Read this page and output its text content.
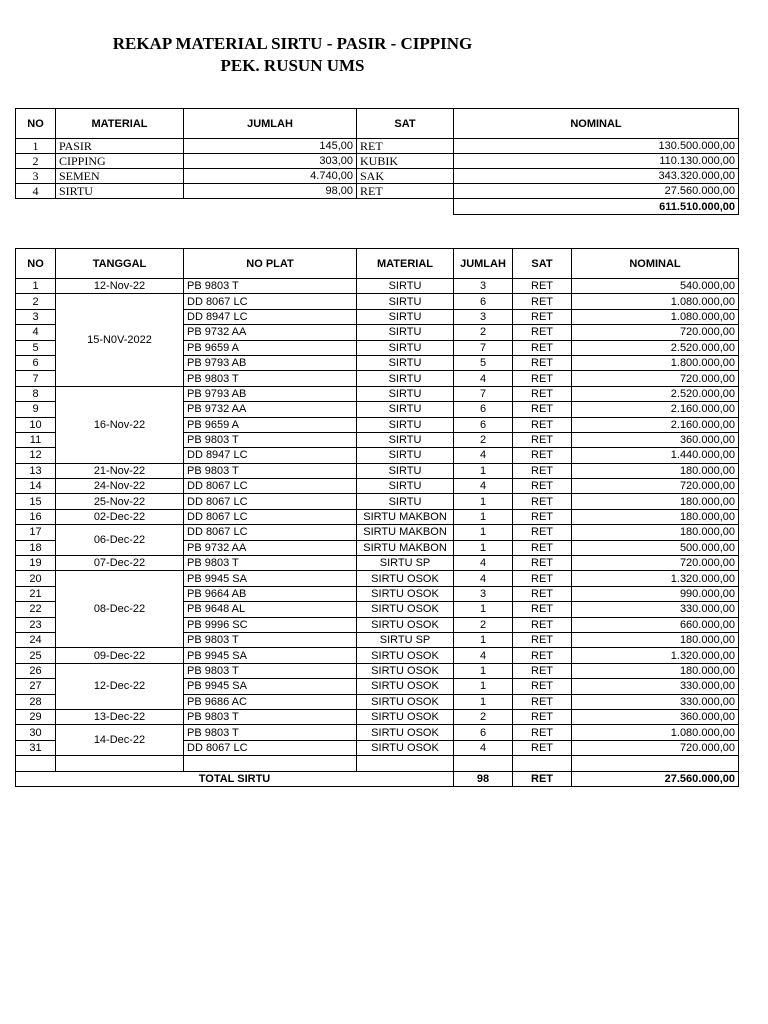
REKAP MATERIAL SIRTU - PASIR - CIPPING
PEK. RUSUN UMS
NO	MATERIAL	JUMLAH	SAT	NOMINAL
1	PASIR	145,00	RET	130.500.000,00
2	CIPPING	303,00	KUBIK	110.130.000,00
3	SEMEN	4.740,00	SAK	343.320.000,00
4	SIRTU	98,00	RET	27.560.000,00
				611.510.000,00
NO	TANGGAL	NO PLAT	MATERIAL	JUMLAH	SAT	NOMINAL
1	12-Nov-22	PB 9803 T	SIRTU	3	RET	540.000,00
2	15-N0V-2022	DD 8067 LC	SIRTU	6	RET	1.080.000,00
3		DD 8947 LC	SIRTU	3	RET	1.080.000,00
4		PB 9732 AA	SIRTU	2	RET	720.000,00
5		PB 9659 A	SIRTU	7	RET	2.520.000,00
6		PB 9793 AB	SIRTU	5	RET	1.800.000,00
7		PB 9803 T	SIRTU	4	RET	720.000,00
8	16-Nov-22	PB 9793 AB	SIRTU	7	RET	2.520.000,00
9		PB 9732 AA	SIRTU	6	RET	2.160.000,00
10		PB 9659 A	SIRTU	6	RET	2.160.000,00
11		PB 9803 T	SIRTU	2	RET	360.000,00
12		DD 8947 LC	SIRTU	4	RET	1.440.000,00
13	21-Nov-22	PB 9803 T	SIRTU	1	RET	180.000,00
14	24-Nov-22	DD 8067 LC	SIRTU	4	RET	720.000,00
15	25-Nov-22	DD 8067 LC	SIRTU	1	RET	180.000,00
16	02-Dec-22	DD 8067 LC	SIRTU MAKBON	1	RET	180.000,00
17	06-Dec-22	DD 8067 LC	SIRTU MAKBON	1	RET	180.000,00
18		PB 9732 AA	SIRTU MAKBON	1	RET	500.000,00
19	07-Dec-22	PB 9803 T	SIRTU SP	4	RET	720.000,00
20	08-Dec-22	PB 9945 SA	SIRTU OSOK	4	RET	1.320.000,00
21		PB 9664 AB	SIRTU OSOK	3	RET	990.000,00
22		PB 9648 AL	SIRTU OSOK	1	RET	330.000,00
23		PB 9996 SC	SIRTU OSOK	2	RET	660.000,00
24		PB 9803 T	SIRTU SP	1	RET	180.000,00
25	09-Dec-22	PB 9945 SA	SIRTU OSOK	4	RET	1.320.000,00
26	12-Dec-22	PB 9803 T	SIRTU OSOK	1	RET	180.000,00
27		PB 9945 SA	SIRTU OSOK	1	RET	330.000,00
28		PB 9686 AC	SIRTU OSOK	1	RET	330.000,00
29	13-Dec-22	PB 9803 T	SIRTU OSOK	2	RET	360.000,00
30	14-Dec-22	PB 9803 T	SIRTU OSOK	6	RET	1.080.000,00
31		DD 8067 LC	SIRTU OSOK	4	RET	720.000,00

TOTAL SIRTU				98	RET	27.560.000,00
